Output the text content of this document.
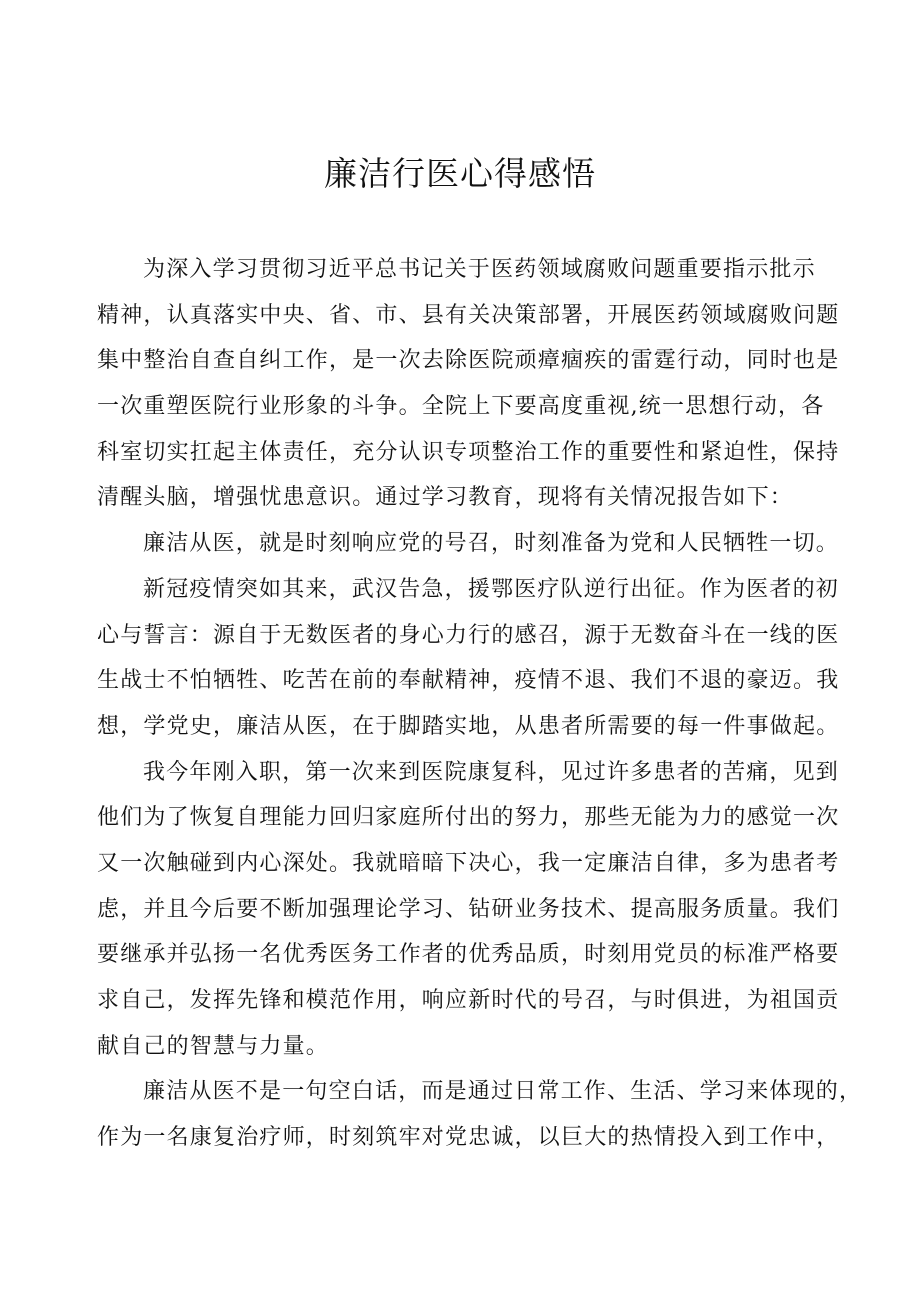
廉洁行医心得感悟
为深入学习贯彻习近平总书记关于医药领域腐败问题重要指示批示
精神，认真落实中央、省、市、县有关决策部署，开展医药领域腐败问题
集中整治自查自纠工作，是一次去除医院顽瘴痼疾的雷霆行动，同时也是
一次重塑医院行业形象的斗争。全院上下要高度重视,统一思想行动，各
科室切实扛起主体责任，充分认识专项整治工作的重要性和紧迫性，保持
清醒头脑，增强忧患意识。通过学习教育，现将有关情况报告如下：
廉洁从医，就是时刻响应党的号召，时刻准备为党和人民牺牲一切。
新冠疫情突如其来，武汉告急，援鄂医疗队逆行出征。作为医者的初
心与誓言：源自于无数医者的身心力行的感召，源于无数奋斗在一线的医
生战士不怕牺牲、吃苦在前的奉献精神，疫情不退、我们不退的豪迈。我
想，学党史，廉洁从医，在于脚踏实地，从患者所需要的每一件事做起。
我今年刚入职，第一次来到医院康复科，见过许多患者的苦痛，见到
他们为了恢复自理能力回归家庭所付出的努力，那些无能为力的感觉一次
又一次触碰到内心深处。我就暗暗下决心，我一定廉洁自律，多为患者考
虑，并且今后要不断加强理论学习、钻研业务技术、提高服务质量。我们
要继承并弘扬一名优秀医务工作者的优秀品质，时刻用党员的标准严格要
求自己，发挥先锋和模范作用，响应新时代的号召，与时俱进，为祖国贡
献自己的智慧与力量。
廉洁从医不是一句空白话，而是通过日常工作、生活、学习来体现的，
作为一名康复治疗师，时刻筑牢对党忠诚，以巨大的热情投入到工作中，
